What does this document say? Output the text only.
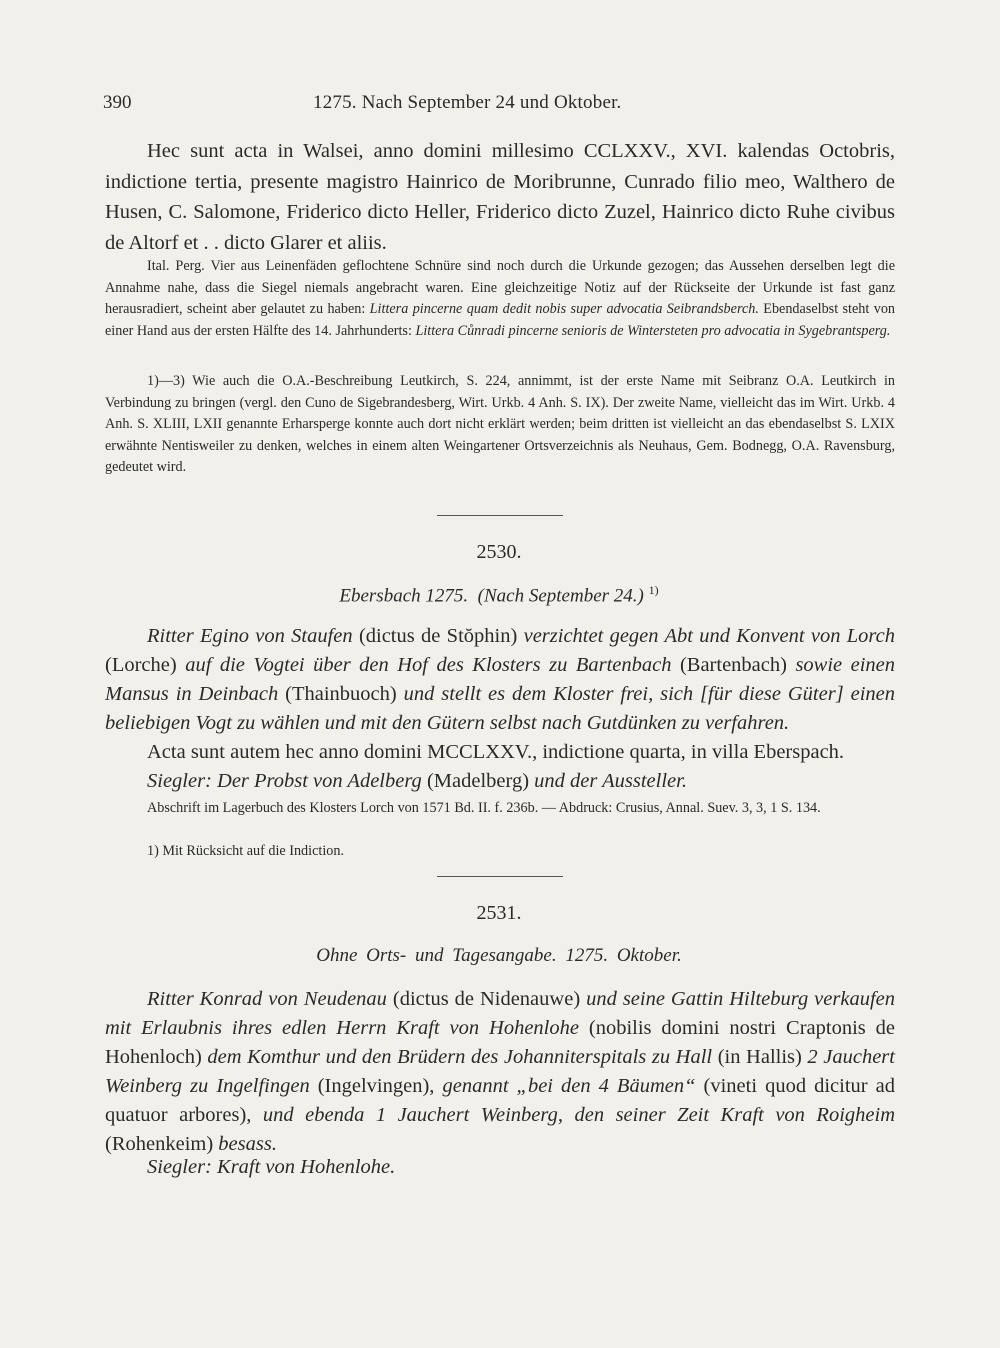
390	1275. Nach September 24 und Oktober.

Hec sunt acta in Walsei, anno domini millesimo CCLXXV., XVI. kalendas Octobris, indictione tertia, presente magistro Hainrico de Moribrunne, Cunrado filio meo, Walthero de Husen, C. Salomone, Friderico dicto Heller, Friderico dicto Zuzel, Hainrico dicto Ruhe civibus de Altorf et . . dicto Glarer et aliis.

Ital. Perg. Vier aus Leinenfäden geflochtene Schnüre sind noch durch die Urkunde gezogen; das Aussehen derselben legt die Annahme nahe, dass die Siegel niemals angebracht waren. Eine gleichzeitige Notiz auf der Rückseite der Urkunde ist fast ganz herausradiert, scheint aber gelautet zu haben: Littera pincerne quam dedit nobis super advocatia Seibrandsberch. Ebendaselbst steht von einer Hand aus der ersten Hälfte des 14. Jahrhunderts: Littera Cůnradi pincerne senioris de Wintersteten pro advocatia in Sygebrantsperg.

1)—3) Wie auch die O.A.-Beschreibung Leutkirch, S. 224, annimmt, ist der erste Name mit Seibranz O.A. Leutkirch in Verbindung zu bringen (vergl. den Cuno de Sigebrandesberg, Wirt. Urkb. 4 Anh. S. IX). Der zweite Name, vielleicht das im Wirt. Urkb. 4 Anh. S. XLIII, LXII genannte Erharsperge konnte auch dort nicht erklärt werden; beim dritten ist vielleicht an das ebendaselbst S. LXIX erwähnte Nentisweiler zu denken, welches in einem alten Weingartener Ortsverzeichnis als Neuhaus, Gem. Bodnegg, O.A. Ravensburg, gedeutet wird.

2530.
Ebersbach 1275. (Nach September 24.) $^{1)}$

Ritter Egino von Staufen (dictus de Stŏphin) verzichtet gegen Abt und Konvent von Lorch (Lorche) auf die Vogtei über den Hof des Klosters zu Bartenbach (Bartenbach) sowie einen Mansus in Deinbach (Thainbuoch) und stellt es dem Kloster frei, sich [für diese Güter] einen beliebigen Vogt zu wählen und mit den Gütern selbst nach Gutdünken zu verfahren.

Acta sunt autem hec anno domini MCCLXXV., indictione quarta, in villa Eberspach.

Siegler: Der Probst von Adelberg (Madelberg) und der Aussteller.

Abschrift im Lagerbuch des Klosters Lorch von 1571 Bd. II. f. 236b. — Abdruck: Crusius, Annal. Suev. 3, 3, 1 S. 134.

1) Mit Rücksicht auf die Indiction.

2531.
Ohne Orts- und Tagesangabe. 1275. Oktober.

Ritter Konrad von Neudenau (dictus de Nidenauwe) und seine Gattin Hilteburg verkaufen mit Erlaubnis ihres edlen Herrn Kraft von Hohenlohe (nobilis domini nostri Craptonis de Hohenloch) dem Komthur und den Brüdern des Johanniterspitals zu Hall (in Hallis) 2 Jauchert Weinberg zu Ingelfingen (Ingelvingen), genannt „bei den 4 Bäumen“ (vineti quod dicitur ad quatuor arbores), und ebenda 1 Jauchert Weinberg, den seiner Zeit Kraft von Roigheim (Rohenkeim) besass.

Siegler: Kraft von Hohenlohe.
